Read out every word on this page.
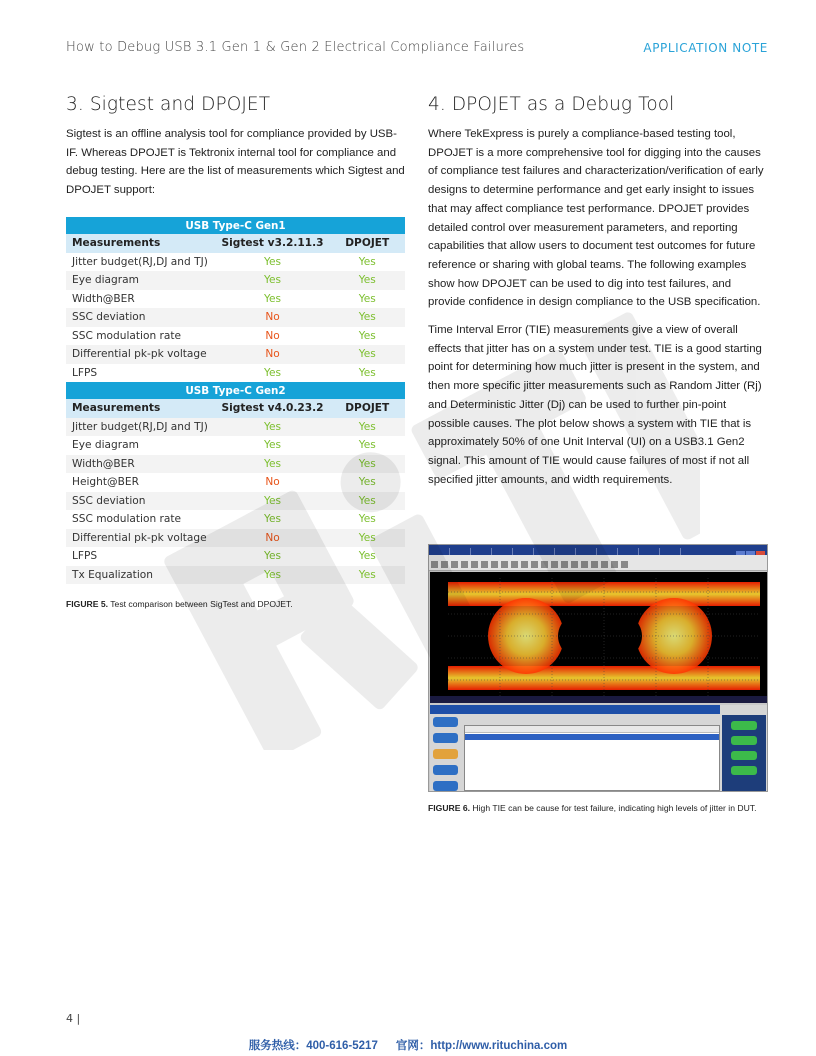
How to Debug USB 3.1 Gen 1 & Gen 2 Electrical Compliance Failures	APPLICATION NOTE
3. Sigtest and DPOJET

Sigtest is an offline analysis tool for compliance provided by USB-IF. Whereas DPOJET is Tektronix internal tool for compliance and debug testing. Here are the list of measurements which Sigtest and DPOJET support:

USB Type-C Gen1		
Measurements	Sigtest v3.2.11.3	DPOJET
Jitter budget(RJ,DJ and TJ)	Yes	Yes
Eye diagram	Yes	Yes
Width@BER	Yes	Yes
SSC deviation	No	Yes
SSC modulation rate	No	Yes
Differential pk-pk voltage	No	Yes
LFPS	Yes	Yes
USB Type-C Gen2		
Measurements	Sigtest v4.0.23.2	DPOJET
Jitter budget(RJ,DJ and TJ)	Yes	Yes
Eye diagram	Yes	Yes
Width@BER	Yes	Yes
Height@BER	No	Yes
SSC deviation	Yes	Yes
SSC modulation rate	Yes	Yes
Differential pk-pk voltage	No	Yes
LFPS	Yes	Yes
Tx Equalization	Yes	Yes
FIGURE 5. Test comparison between SigTest and DPOJET.
4. DPOJET as a Debug Tool

Where TekExpress is purely a compliance-based testing tool, DPOJET is a more comprehensive tool for digging into the causes of compliance test failures and characterization/verification of early designs to determine performance and get early insight to issues that may affect compliance test performance. DPOJET provides detailed control over measurement parameters, and reporting capabilities that allow users to document test outcomes for future reference or sharing with global teams. The following examples show how DPOJET can be used to dig into test failures, and provide confidence in design compliance to the USB specification.

Time Interval Error (TIE) measurements give a view of overall effects that jitter has on a system under test. TIE is a good starting point for determining how much jitter is present in the system, and then more specific jitter measurements such as Random Jitter (Rj) and Deterministic Jitter (Dj) can be used to further pin-point possible causes. The plot below shows a system with TIE that is approximately 50% of one Unit Interval (UI) on a USB3.1 Gen2 signal. This amount of TIE would cause failures of most if not all specified jitter amounts, and width requirements.

FIGURE 6. High TIE can be cause for test failure, indicating high levels of jitter in DUT.
4 |
服务热线：400-616-5217 官网：http://www.rituchina.com
